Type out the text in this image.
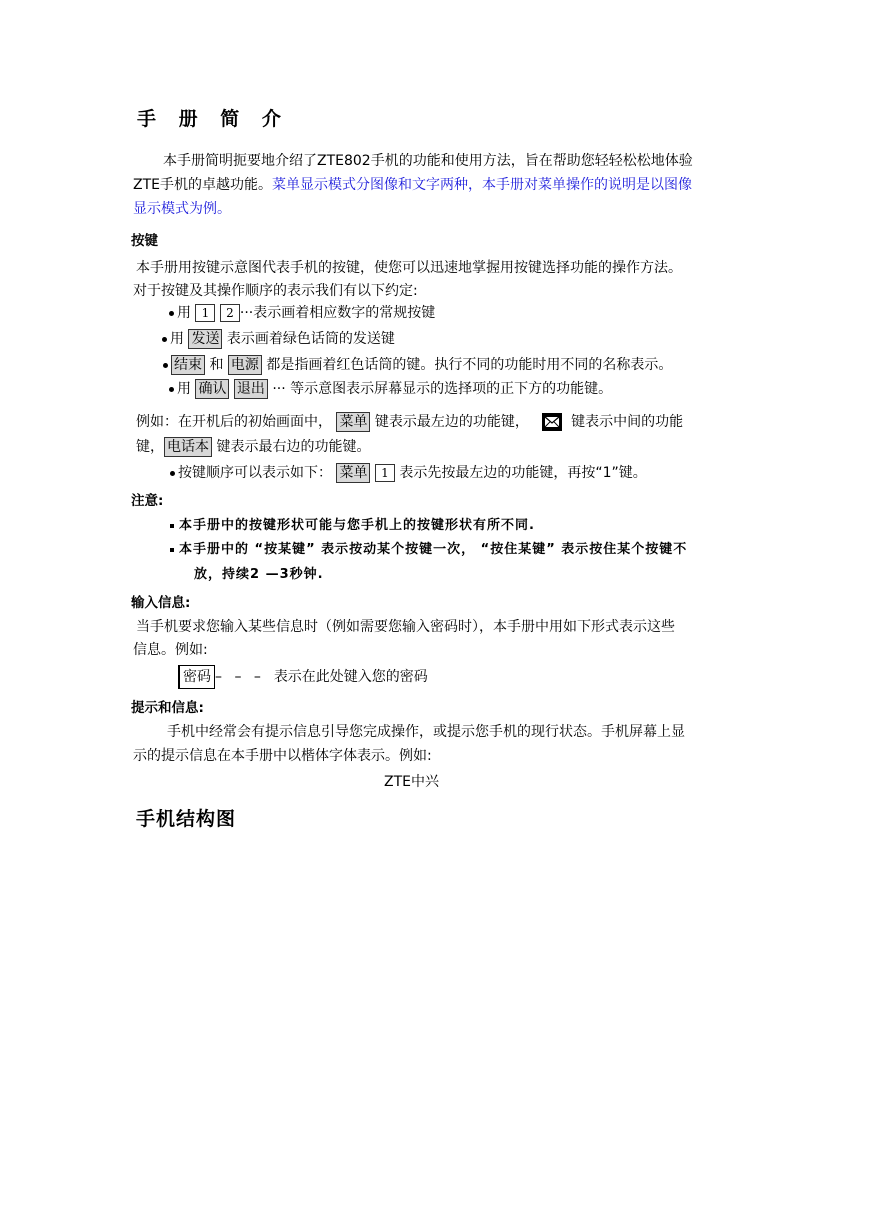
手 册 简 介
本手册简明扼要地介绍了ZTE802手机的功能和使用方法，旨在帮助您轻轻松松地体验
ZTE手机的卓越功能。菜单显示模式分图像和文字两种，本手册对菜单操作的说明是以图像
显示模式为例。
按键
本手册用按键示意图代表手机的按键，使您可以迅速地掌握用按键选择功能的操作方法。
对于按键及其操作顺序的表示我们有以下约定:
用 1 2 ···表示画着相应数字的常规按键
用 发送 表示画着绿色话筒的发送键
结束 和 电源 都是指画着红色话筒的键。执行不同的功能时用不同的名称表示。
用 确认 退出 ··· 等示意图表示屏幕显示的选择项的正下方的功能键。
例如：在开机后的初始画面中， 菜单 键表示最左边的功能键，	键表示中间的功能
键， 电话本 键表示最右边的功能键。
按键顺序可以表示如下： 菜单 1 表示先按最左边的功能键，再按“1”键。
注意:
本手册中的按键形状可能与您手机上的按键形状有所不同.
本手册中的 “按某键” 表示按动某个按键一次， “按住某键” 表示按住某个按键不
放，持续2 —3秒钟.
输入信息:
当手机要求您输入某些信息时（例如需要您输入密码时），本手册中用如下形式表示这些
信息。例如:
密码 – – – 表示在此处键入您的密码
提示和信息:
手机中经常会有提示信息引导您完成操作，或提示您手机的现行状态。手机屏幕上显
示的提示信息在本手册中以楷体字体表示。例如:
ZTE中兴
手机结构图
